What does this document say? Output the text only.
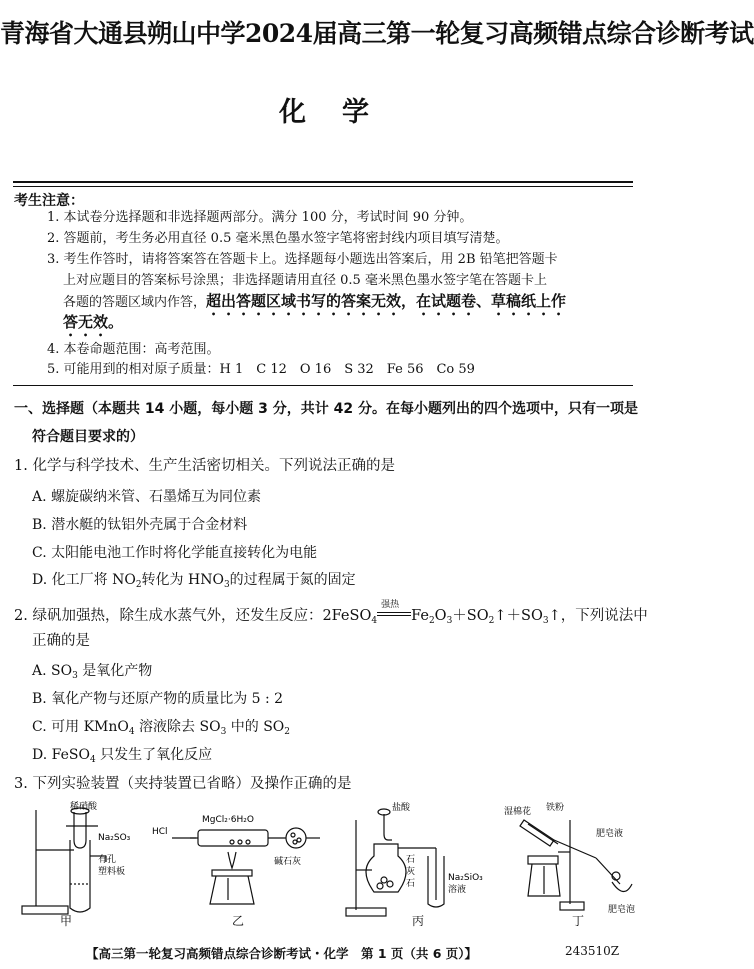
青海省大通县朔山中学2024届高三第一轮复习高频错点综合诊断考试
化学
考生注意：
1. 本试卷分选择题和非选择题两部分。满分 100 分，考试时间 90 分钟。
2. 答题前，考生务必用直径 0.5 毫米黑色墨水签字笔将密封线内项目填写清楚。
3. 考生作答时，请将答案答在答题卡上。选择题每小题选出答案后，用 2B 铅笔把答题卡
上对应题目的答案标号涂黑；非选择题请用直径 0.5 毫米黑色墨水签字笔在答题卡上
各题的答题区域内作答，超出答题区域书写的答案无效，在试题卷、草稿纸上作
答无效。
4. 本卷命题范围：高考范围。
5. 可能用到的相对原子质量：H 1　C 12　O 16　S 32　Fe 56　Co 59
一、选择题（本题共 14 小题，每小题 3 分，共计 42 分。在每小题列出的四个选项中，只有一项是
符合题目要求的）
1. 化学与科学技术、生产生活密切相关。下列说法正确的是
A. 螺旋碳纳米管、石墨烯互为同位素
B. 潜水艇的钛铝外壳属于合金材料
C. 太阳能电池工作时将化学能直接转化为电能
D. 化工厂将 $NO_2$转化为 $HNO_3$的过程属于氮的固定
2. 绿矾加强热，除生成水蒸气外，还发生反应：2FeSO$_4$
强热
$Fe_2O_3+SO_2↑+SO_3↑$，下列说法中
正确的是
A. $SO_3$ 是氧化产物
B. 氧化产物与还原产物的质量比为 5 : 2
C. 可用 KMnO$_4$ 溶液除去 $SO_3$ 中的 $SO_2$
D. FeSO$_4$ 只发生了氧化反应
3. 下列实验装置（夹持装置已省略）及操作正确的是
稀硝酸
Na₂SO₃
有孔
塑料板
HCl
MgCl₂·6H₂O
碱石灰
盐酸
石
灰
石
Na₂SiO₃
溶液
湿棉花 铁粉
肥皂液
肥皂泡
甲	乙	丙	丁
【高三第一轮复习高频错点综合诊断考试・化学　第 1 页（共 6 页）】	243510Z
